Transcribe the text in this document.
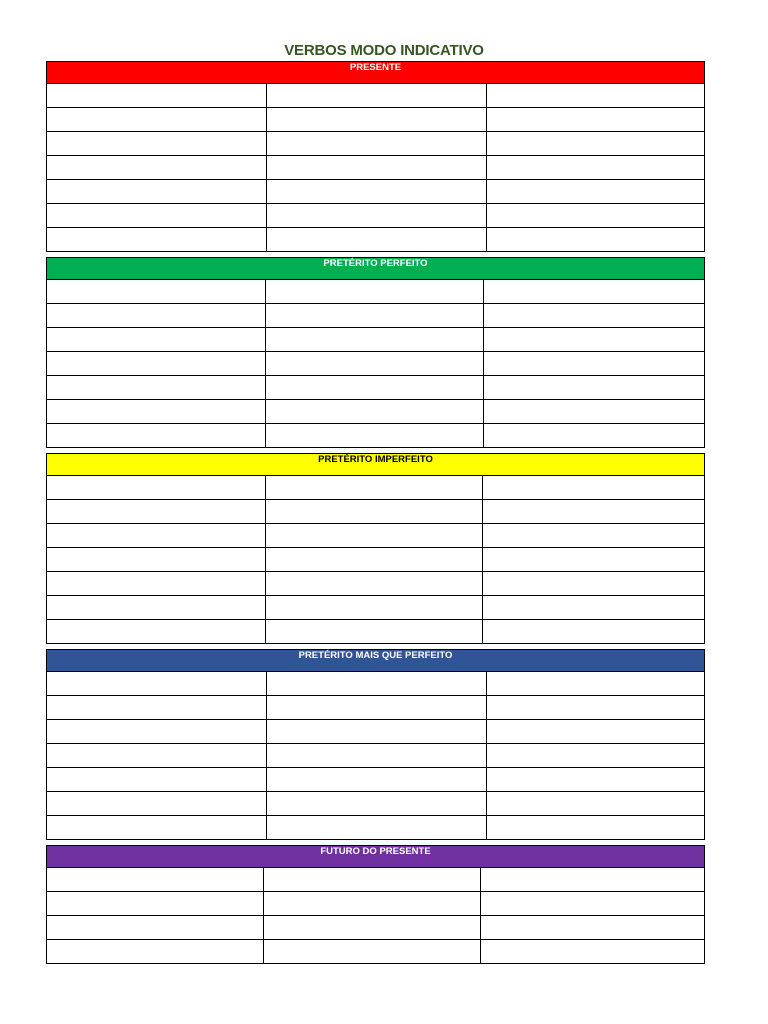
VERBOS MODO INDICATIVO
PRESENTE
PRETÉRITO PERFEITO
PRETÉRITO IMPERFEITO
PRETÉRITO MAIS QUE PERFEITO
FUTURO DO PRESENTE
